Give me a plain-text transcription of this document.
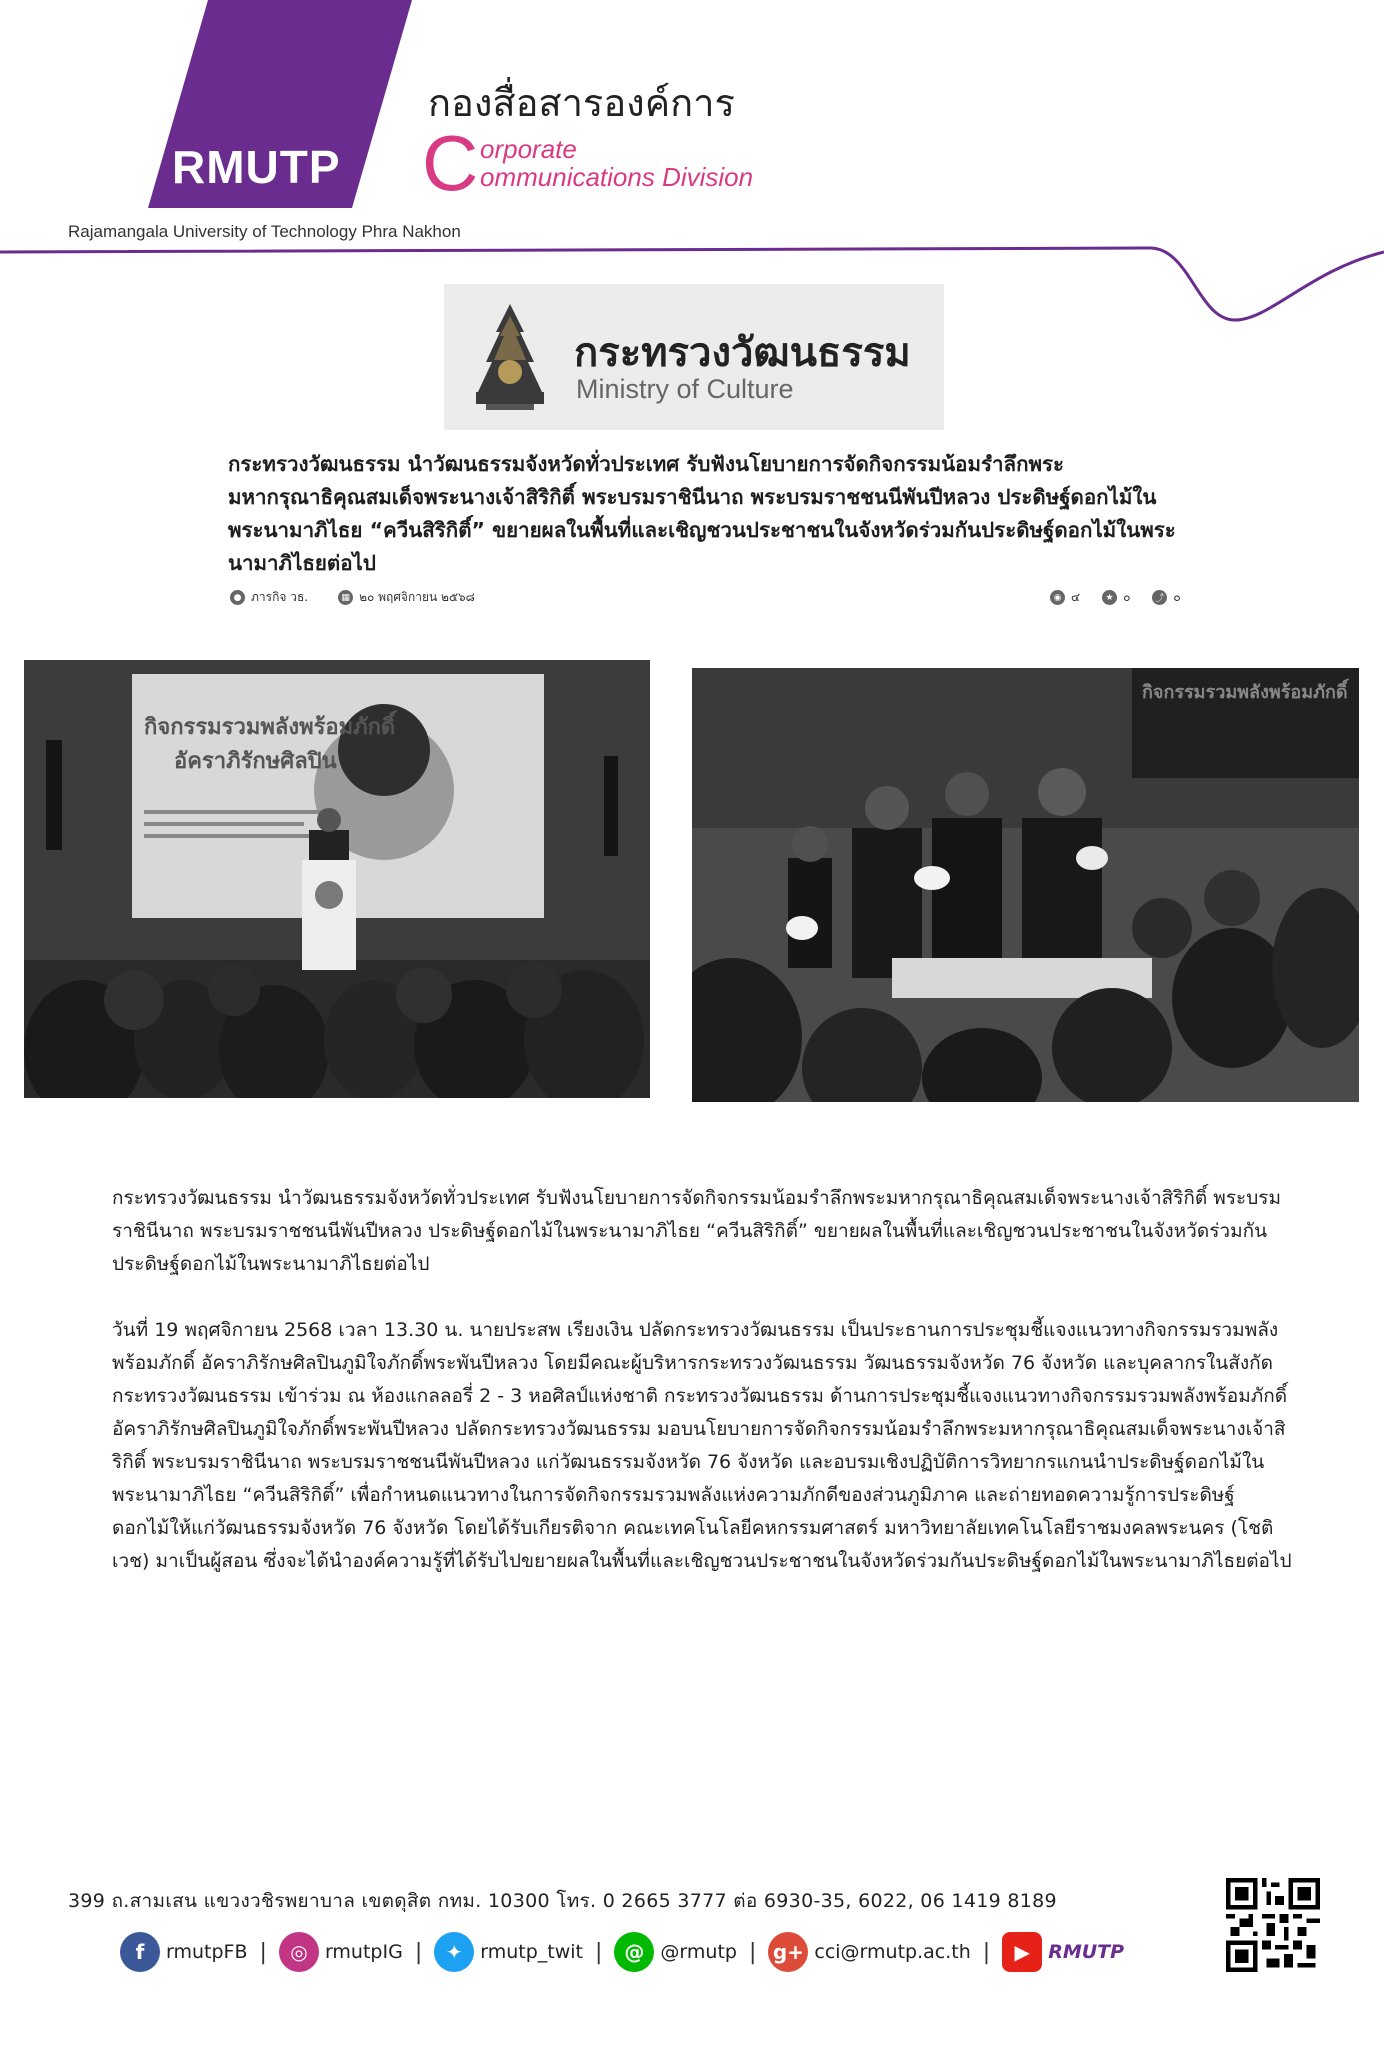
RMUTP
กองสื่อสารองค์การ
C orporate
ommunications Division
Rajamangala University of Technology Phra Nakhon
กระทรวงวัฒนธรรม
Ministry of Culture
กระทรวงวัฒนธรรม นำวัฒนธรรมจังหวัดทั่วประเทศ รับฟังนโยบายการจัดกิจกรรมน้อมรำลึกพระมหากรุณาธิคุณสมเด็จพระนางเจ้าสิริกิติ์ พระบรมราชินีนาถ พระบรมราชชนนีพันปีหลวง ประดิษฐ์ดอกไม้ในพระนามาภิไธย “ควีนสิริกิติ์” ขยายผลในพื้นที่และเชิญชวนประชาชนในจังหวัดร่วมกันประดิษฐ์ดอกไม้ในพระนามาภิไธยต่อไป
● ภารกิจ วธ.	▦ ๒๐ พฤศจิกายน ๒๕๖๘	◉ ๔	★ ๐	⤴ ๐
กิจกรรมรวมพลังพร้อมภักดิ์
อัคราภิรักษศิลปิน
กิจกรรมรวมพลังพร้อมภักดิ์
กระทรวงวัฒนธรรม นำวัฒนธรรมจังหวัดทั่วประเทศ รับฟังนโยบายการจัดกิจกรรมน้อมรำลึกพระมหากรุณาธิคุณสมเด็จพระนางเจ้าสิริกิติ์ พระบรมราชินีนาถ พระบรมราชชนนีพันปีหลวง ประดิษฐ์ดอกไม้ในพระนามาภิไธย “ควีนสิริกิติ์” ขยายผลในพื้นที่และเชิญชวนประชาชนในจังหวัดร่วมกันประดิษฐ์ดอกไม้ในพระนามาภิไธยต่อไป
วันที่ 19 พฤศจิกายน 2568 เวลา 13.30 น. นายประสพ เรียงเงิน ปลัดกระทรวงวัฒนธรรม เป็นประธานการประชุมชี้แจงแนวทางกิจกรรมรวมพลังพร้อมภักดิ์ อัคราภิรักษศิลปินภูมิใจภักดิ์พระพันปีหลวง โดยมีคณะผู้บริหารกระทรวงวัฒนธรรม วัฒนธรรมจังหวัด 76 จังหวัด และบุคลากรในสังกัดกระทรวงวัฒนธรรม เข้าร่วม ณ ห้องแกลลอรี่ 2 - 3 หอศิลป์แห่งชาติ กระทรวงวัฒนธรรม ด้านการประชุมชี้แจงแนวทางกิจกรรมรวมพลังพร้อมภักดิ์ อัคราภิรักษศิลปินภูมิใจภักดิ์พระพันปีหลวง ปลัดกระทรวงวัฒนธรรม มอบนโยบายการจัดกิจกรรมน้อมรำลึกพระมหากรุณาธิคุณสมเด็จพระนางเจ้าสิริกิติ์ พระบรมราชินีนาถ พระบรมราชชนนีพันปีหลวง แก่วัฒนธรรมจังหวัด 76 จังหวัด และอบรมเชิงปฏิบัติการวิทยากรแกนนำประดิษฐ์ดอกไม้ในพระนามาภิไธย “ควีนสิริกิติ์” เพื่อกำหนดแนวทางในการจัดกิจกรรมรวมพลังแห่งความภักดีของส่วนภูมิภาค และถ่ายทอดความรู้การประดิษฐ์ดอกไม้ให้แก่วัฒนธรรมจังหวัด 76 จังหวัด โดยได้รับเกียรติจาก คณะเทคโนโลยีคหกรรมศาสตร์ มหาวิทยาลัยเทคโนโลยีราชมงคลพระนคร (โชติเวช) มาเป็นผู้สอน ซึ่งจะได้นำองค์ความรู้ที่ได้รับไปขยายผลในพื้นที่และเชิญชวนประชาชนในจังหวัดร่วมกันประดิษฐ์ดอกไม้ในพระนามาภิไธยต่อไป
399 ถ.สามเสน แขวงวชิรพยาบาล เขตดุสิต กทม. 10300 โทร. 0 2665 3777 ต่อ 6930-35, 6022, 06 1419 8189
f	rmutpFB |	◎ rmutpIG |	✦ rmutp_twit |	@ @rmutp | g+ cci@rmutp.ac.th |	▶ RMUTP
